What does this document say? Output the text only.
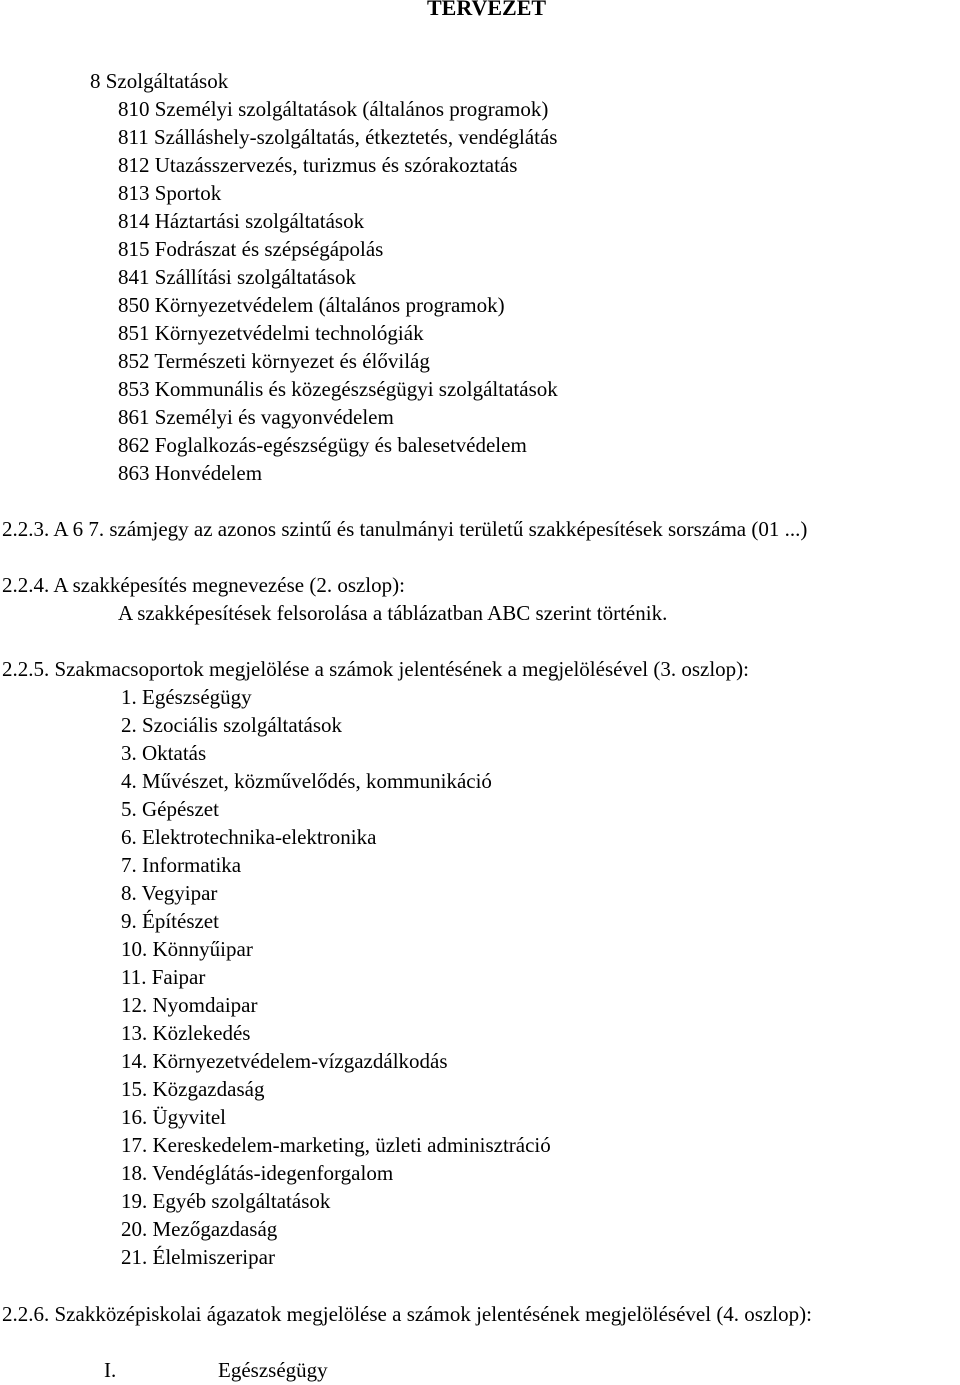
TERVEZET
8 Szolgáltatások
810 Személyi szolgáltatások (általános programok)
811 Szálláshely-szolgáltatás, étkeztetés, vendéglátás
812 Utazásszervezés, turizmus és szórakoztatás
813 Sportok
814 Háztartási szolgáltatások
815 Fodrászat és szépségápolás
841 Szállítási szolgáltatások
850 Környezetvédelem (általános programok)
851 Környezetvédelmi technológiák
852 Természeti környezet és élővilág
853 Kommunális és közegészségügyi szolgáltatások
861 Személyi és vagyonvédelem
862 Foglalkozás-egészségügy és balesetvédelem
863 Honvédelem
2.2.3. A 6 7. számjegy az azonos szintű és tanulmányi területű szakképesítések sorszáma (01 ...)
2.2.4. A szakképesítés megnevezése (2. oszlop):
A szakképesítések felsorolása a táblázatban ABC szerint történik.
2.2.5. Szakmacsoportok megjelölése a számok jelentésének a megjelölésével (3. oszlop):
1. Egészségügy
2. Szociális szolgáltatások
3. Oktatás
4. Művészet, közművelődés, kommunikáció
5. Gépészet
6. Elektrotechnika-elektronika
7. Informatika
8. Vegyipar
9. Építészet
10. Könnyűipar
11. Faipar
12. Nyomdaipar
13. Közlekedés
14. Környezetvédelem-vízgazdálkodás
15. Közgazdaság
16. Ügyvitel
17. Kereskedelem-marketing, üzleti adminisztráció
18. Vendéglátás-idegenforgalom
19. Egyéb szolgáltatások
20. Mezőgazdaság
21. Élelmiszeripar
2.2.6. Szakközépiskolai ágazatok megjelölése a számok jelentésének megjelölésével (4. oszlop):
I.	Egészségügy
